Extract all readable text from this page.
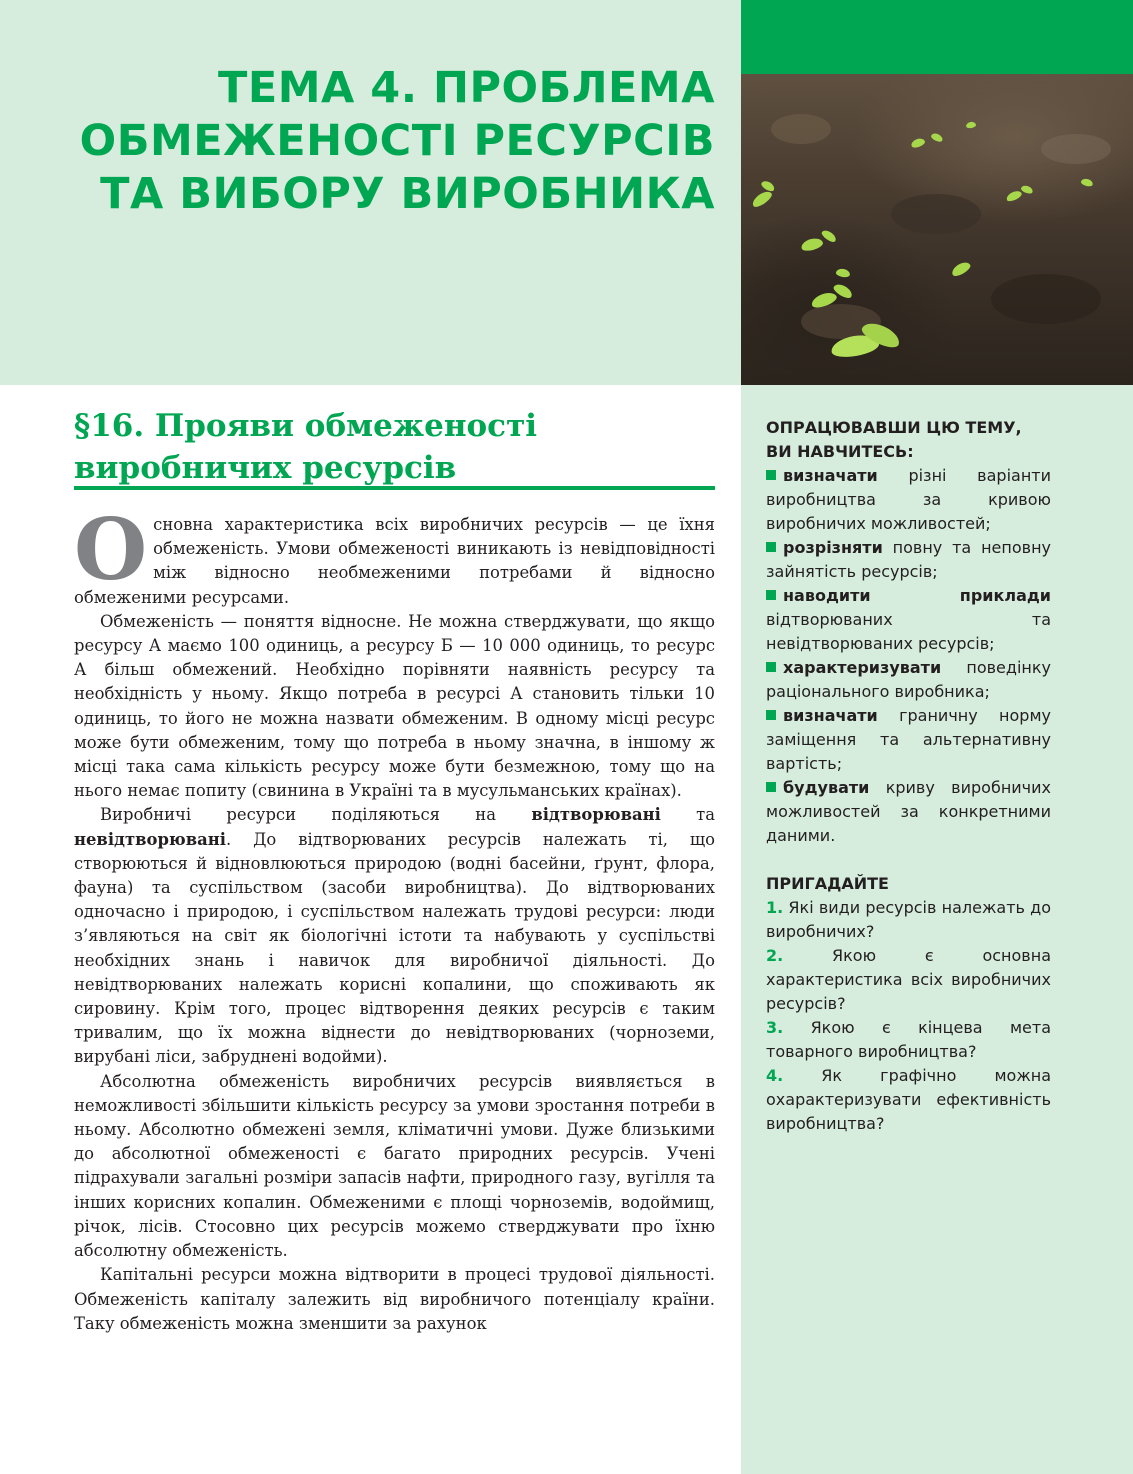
ТЕМА 4. ПРОБЛЕМА
ОБМЕЖЕНОСТІ РЕСУРСІВ
ТА ВИБОРУ ВИРОБНИКА
§16. Прояви обмеженості
виробничих ресурсів

Основна характеристика всіх виробничих ресурсів — це їхня обмеженість. Умови обмеженості виникають із невідповідності між відносно необмеженими потребами й відносно обмеженими ресурсами.

Обмеженість — поняття відносне. Не можна стверджувати, що якщо ресурсу А маємо 100 одиниць, а ресурсу Б — 10 000 одиниць, то ресурс А більш обмежений. Необхідно порівняти наявність ресурсу та необхідність у ньому. Якщо потреба в ресурсі А становить тільки 10 одиниць, то його не можна назвати обмеженим. В одному місці ресурс може бути обмеженим, тому що потреба в ньому значна, в іншому ж місці така сама кількість ресурсу може бути безмежною, тому що на нього немає попиту (свинина в Україні та в мусульманських країнах).

Виробничі ресурси поділяються на відтворювані та невідтворювані. До відтворюваних ресурсів належать ті, що створюються й відновлюються природою (водні басейни, ґрунт, флора, фауна) та суспільством (засоби виробництва). До відтворюваних одночасно і природою, і суспільством належать трудові ресурси: люди з’являються на світ як біологічні істоти та набувають у суспільстві необхідних знань і навичок для виробничої діяльності. До невідтворюваних належать корисні копалини, що споживають як сировину. Крім того, процес відтворення деяких ресурсів є таким тривалим, що їх можна віднести до невідтворюваних (чорноземи, вирубані ліси, забруднені водойми).

Абсолютна обмеженість виробничих ресурсів виявляється в неможливості збільшити кількість ресурсу за умови зростання потреби в ньому. Абсолютно обмежені земля, кліматичні умови. Дуже близькими до абсолютної обмеженості є багато природних ресурсів. Учені підрахували загальні розміри запасів нафти, природного газу, вугілля та інших корисних копалин. Обмеженими є площі чорноземів, водоймищ, річок, лісів. Стосовно цих ресурсів можемо стверджувати про їхню абсолютну обмеженість.

Капітальні ресурси можна відтворити в процесі трудової діяльності. Обмеженість капіталу залежить від виробничого потенціалу країни. Таку обмеженість можна зменшити за рахунок

ОПРАЦЮВАВШИ ЦЮ ТЕМУ,
ВИ НАВЧИТЕСЬ:

визначати різні варіанти виробництва за кривою виробничих можливостей;
розрізняти повну та неповну зайнятість ресурсів;
наводити приклади відтворюваних та невідтворюваних ресурсів;
характеризувати поведінку раціонального виробника;
визначати граничну норму заміщення та альтернативну вартість;
будувати криву виробничих можливостей за конкретними даними.

ПРИГАДАЙТЕ

1. Які види ресурсів належать до виробничих?
2. Якою є основна характеристика всіх виробничих ресурсів?
3. Якою є кінцева мета товарного виробництва?
4. Як графічно можна охарактеризувати ефективність виробництва?
